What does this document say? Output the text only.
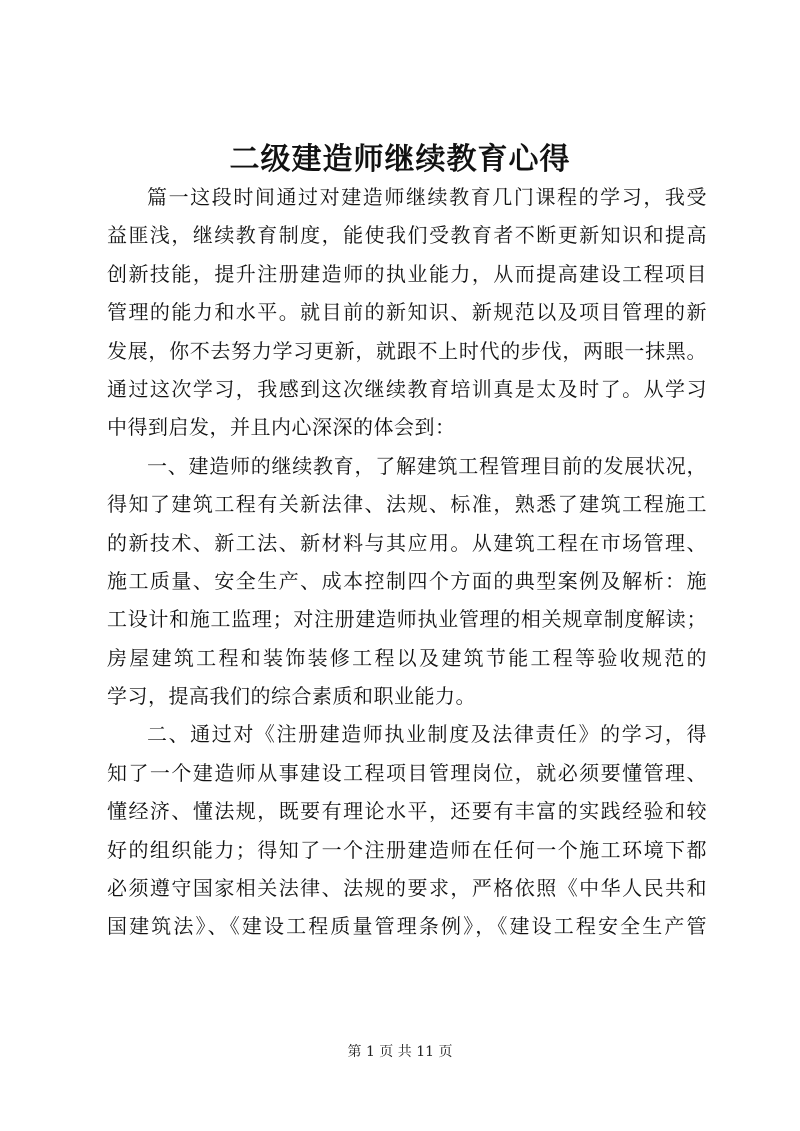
二级建造师继续教育心得
篇一这段时间通过对建造师继续教育几门课程的学习，我受
益匪浅，继续教育制度，能使我们受教育者不断更新知识和提高
创新技能，提升注册建造师的执业能力，从而提高建设工程项目
管理的能力和水平。就目前的新知识、新规范以及项目管理的新
发展，你不去努力学习更新，就跟不上时代的步伐，两眼一抹黑。
通过这次学习，我感到这次继续教育培训真是太及时了。从学习
中得到启发，并且内心深深的体会到：
一、建造师的继续教育，了解建筑工程管理目前的发展状况，
得知了建筑工程有关新法律、法规、标准，熟悉了建筑工程施工
的新技术、新工法、新材料与其应用。从建筑工程在市场管理、
施工质量、安全生产、成本控制四个方面的典型案例及解析：施
工设计和施工监理；对注册建造师执业管理的相关规章制度解读；
房屋建筑工程和装饰装修工程以及建筑节能工程等验收规范的
学习，提高我们的综合素质和职业能力。
二、通过对《注册建造师执业制度及法律责任》的学习，得
知了一个建造师从事建设工程项目管理岗位，就必须要懂管理、
懂经济、懂法规，既要有理论水平，还要有丰富的实践经验和较
好的组织能力；得知了一个注册建造师在任何一个施工环境下都
必须遵守国家相关法律、法规的要求，严格依照《中华人民共和
国建筑法》、《建设工程质量管理条例》，《建设工程安全生产管
第 1 页 共 11 页
